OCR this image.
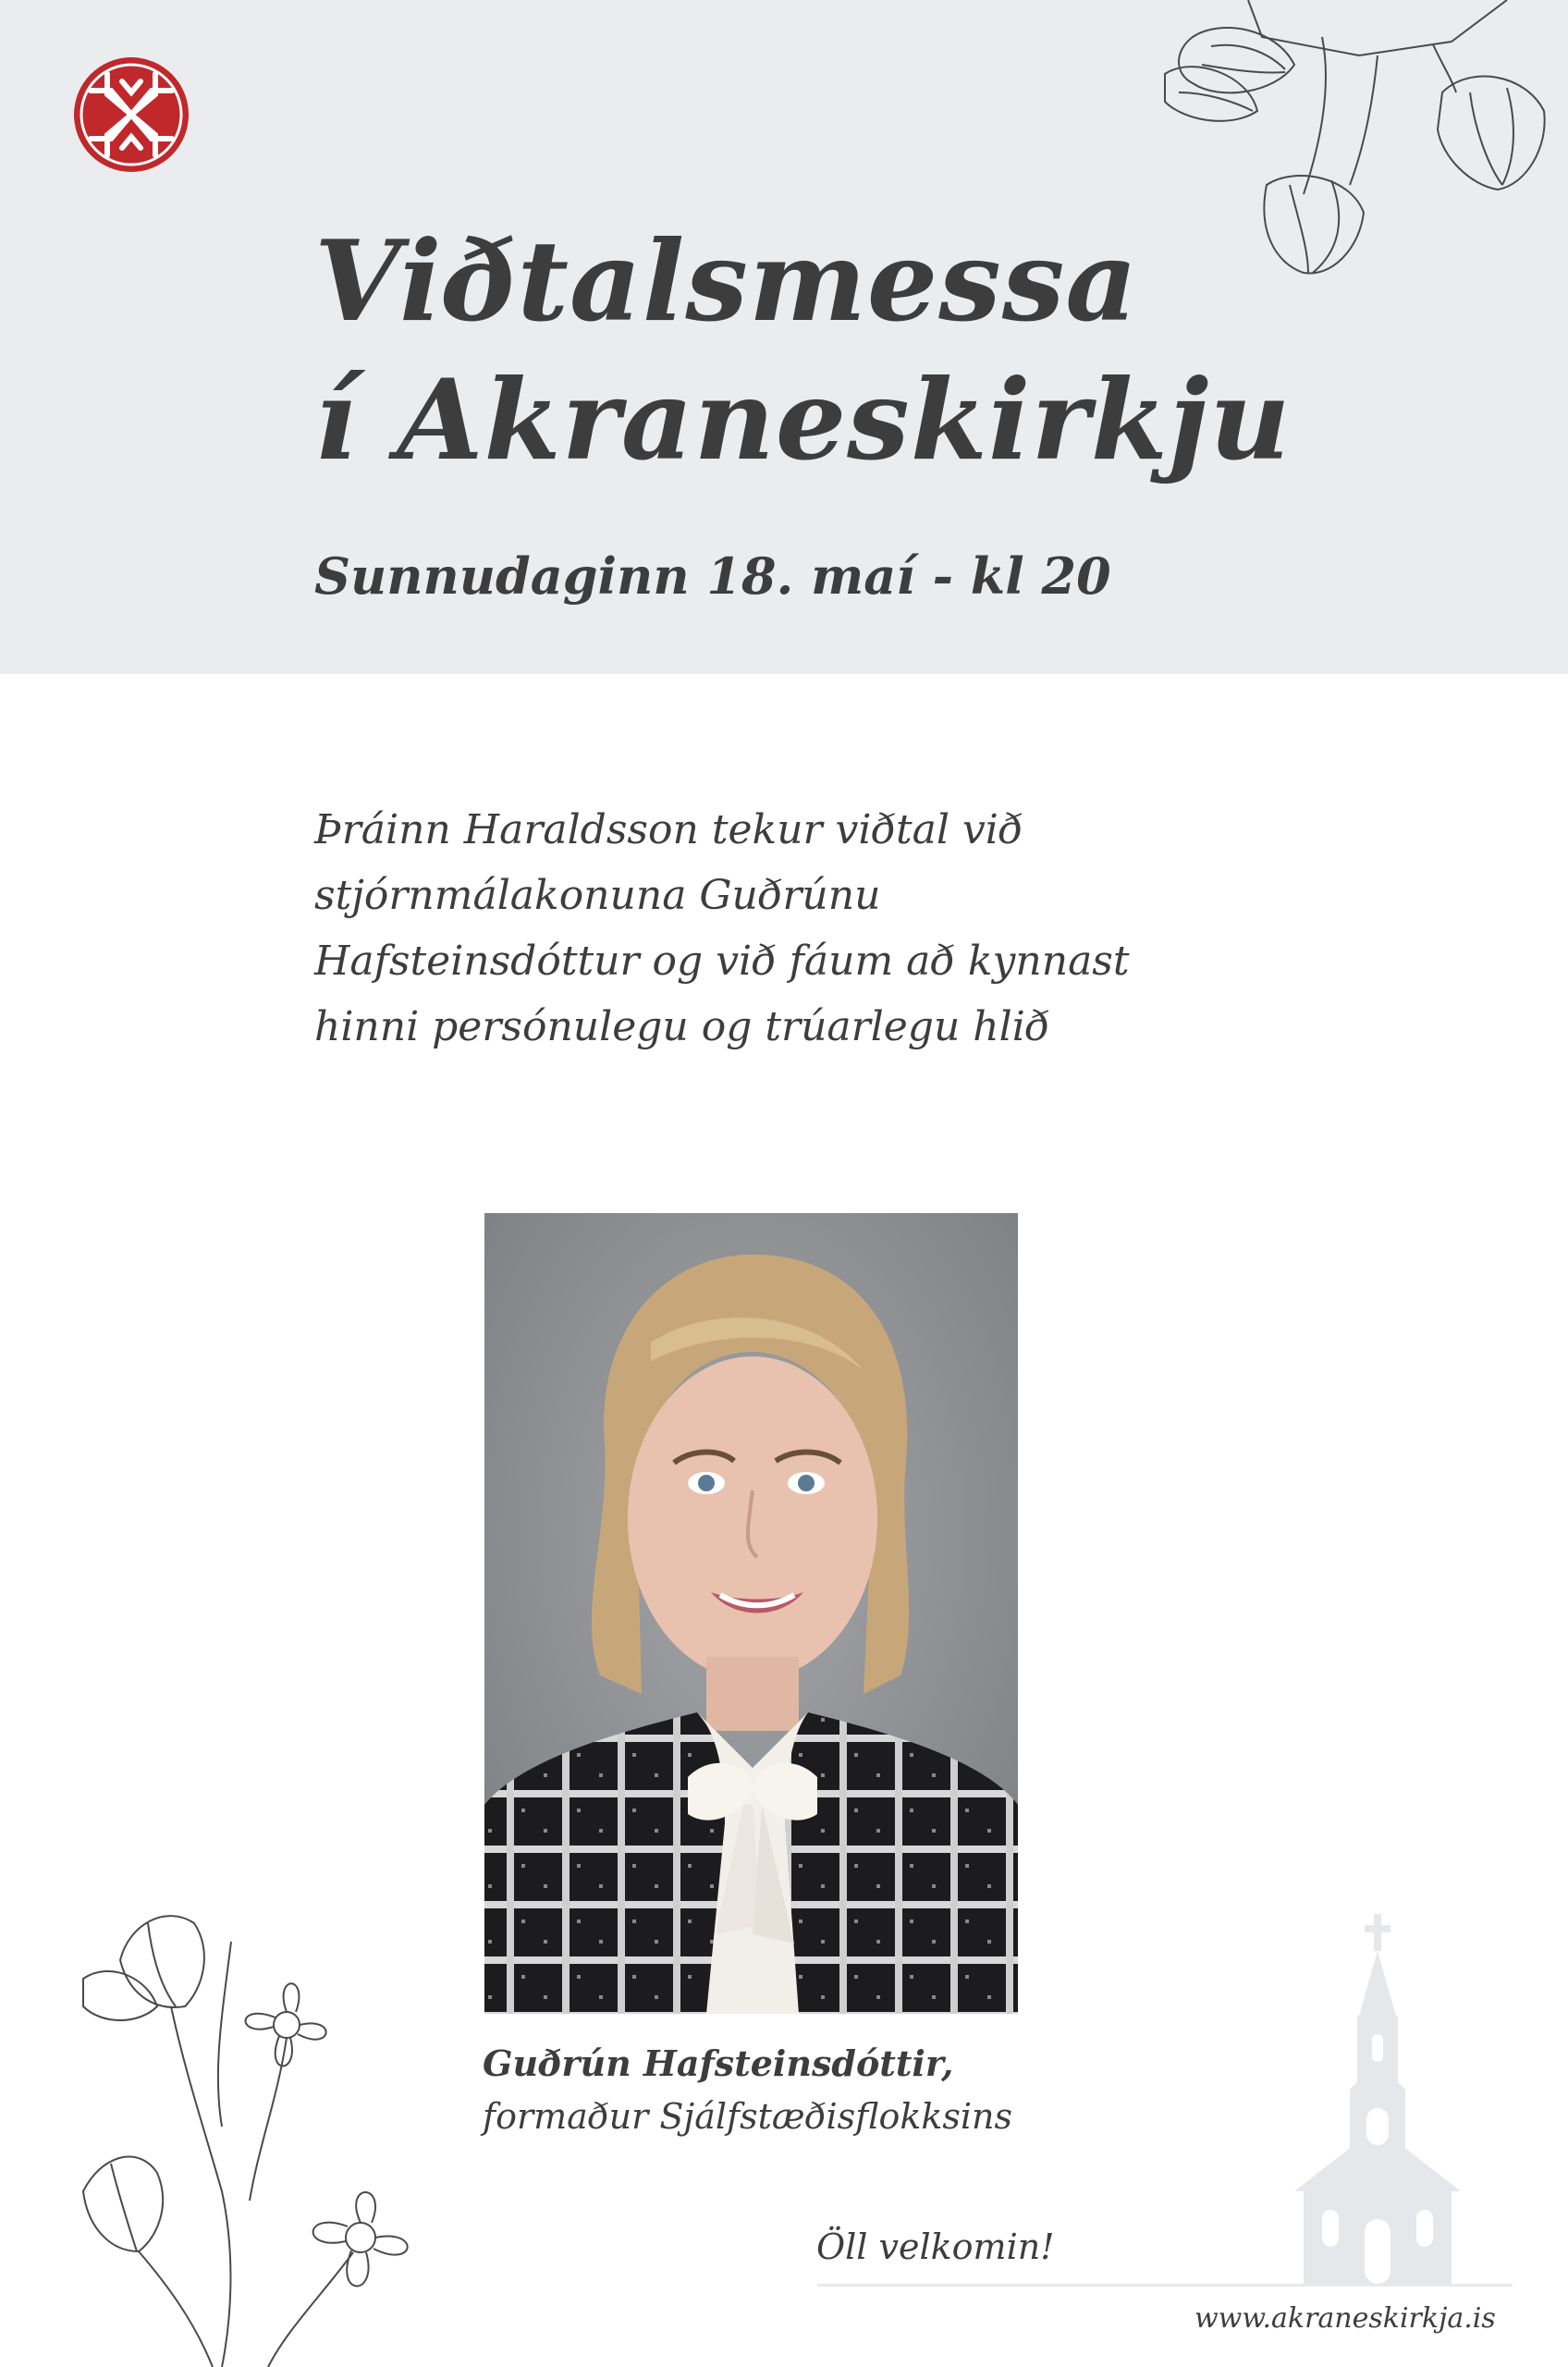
Viðtalsmessa
í Akraneskirkju
Sunnudaginn 18. maí - kl 20

Þráinn Haraldsson tekur viðtal við
stjórnmálakonuna Guðrúnu
Hafsteinsdóttur og við fáum að kynnast
hinni persónulegu og trúarlegu hlið

Guðrún Hafsteinsdóttir,
formaður Sjálfstæðisflokksins
Öll velkomin!
www.akraneskirkja.is
